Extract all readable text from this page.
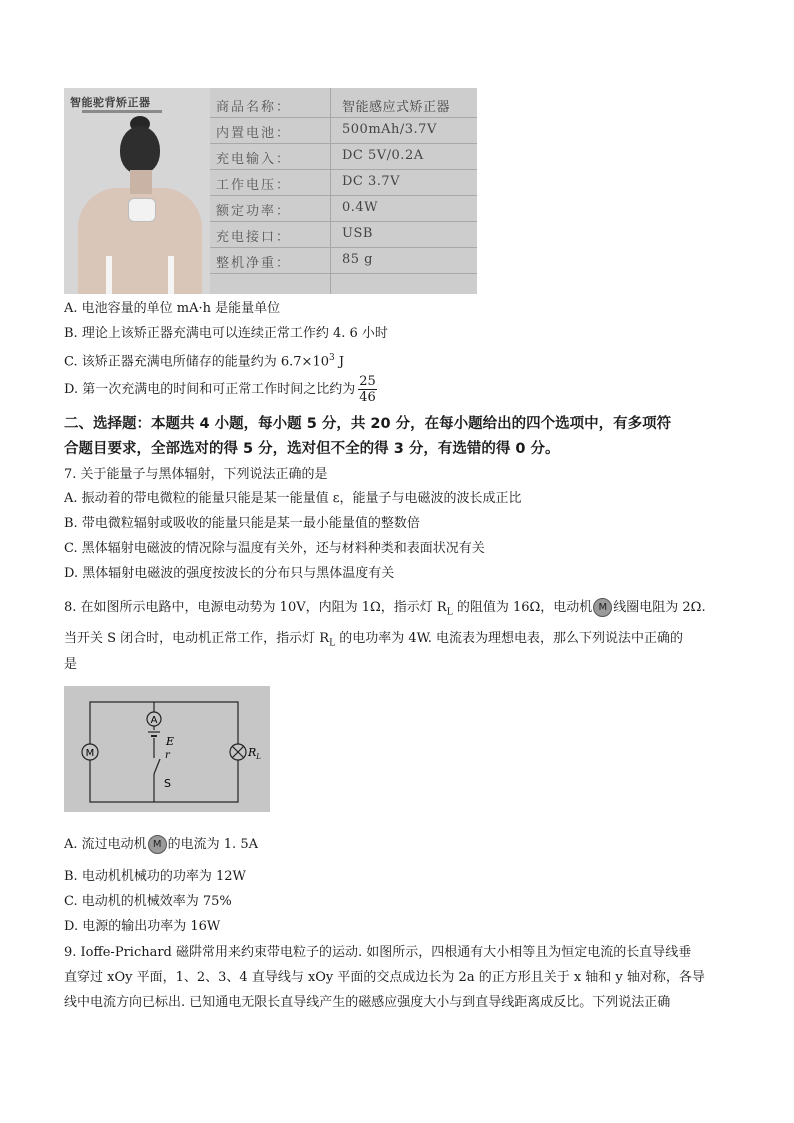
智能驼背矫正器	商品名称：	智能感应式矫正器
内置电池：	500mAh/3.7V
充电输入：	DC 5V/0.2A
工作电压：	DC 3.7V
额定功率：	0.4W
充电接口：	USB
整机净重：	85 g
A. 电池容量的单位 mA·h 是能量单位
B. 理论上该矫正器充满电可以连续正常工作约 4. 6 小时
C. 该矫正器充满电所储存的能量约为 $6.7\times 10^3$ J
D. 第一次充满电的时间和可正常工作时间之比约为 $\frac{25}{46}$
二、选择题：本题共 4 小题，每小题 5 分，共 20 分，在每小题给出的四个选项中，有多项符
合题目要求，全部选对的得 5 分，选对但不全的得 3 分，有选错的得 0 分。
7. 关于能量子与黑体辐射，下列说法正确的是
A. 振动着的带电微粒的能量只能是某一能量值 ε，能量子与电磁波的波长成正比
B. 带电微粒辐射或吸收的能量只能是某一最小能量值的整数倍
C. 黑体辐射电磁波的情况除与温度有关外，还与材料种类和表面状况有关
D. 黑体辐射电磁波的强度按波长的分布只与黑体温度有关
8. 在如图所示电路中，电源电动势为 10V，内阻为 1Ω，指示灯 $R_L$ 的阻值为 16Ω，电动机 M 线圈电阻为 2Ω.
当开关 S 闭合时，电动机正常工作，指示灯 $R_L$ 的电功率为 4W. 电流表为理想电表，那么下列说法中正确的
是
A
M
E
r
S
$R_L$
A. 流过电动机 M 的电流为 1. 5A
B. 电动机机械功的功率为 12W
C. 电动机的机械效率为 75%
D. 电源的输出功率为 16W
9. Ioffe-Prichard 磁阱常用来约束带电粒子的运动. 如图所示，四根通有大小相等且为恒定电流的长直导线垂
直穿过 xOy 平面，1、2、3、4 直导线与 xOy 平面的交点成边长为 2a 的正方形且关于 x 轴和 y 轴对称，各导
线中电流方向已标出. 已知通电无限长直导线产生的磁感应强度大小与到直导线距离成反比。下列说法正确
